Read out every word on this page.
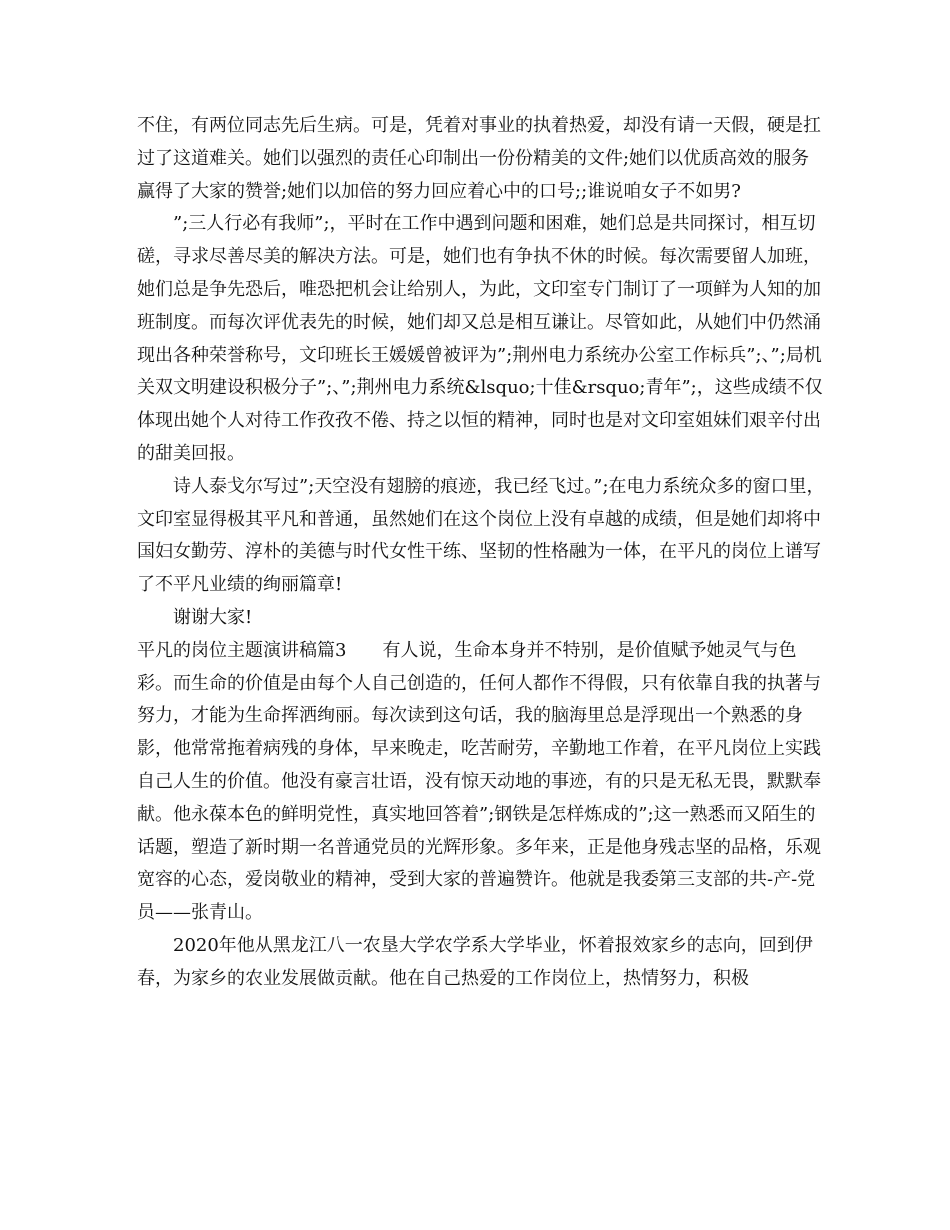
不住，有两位同志先后生病。可是，凭着对事业的执着热爱，却没有请一天假，硬是扛过了这道难关。她们以强烈的责任心印制出一份份精美的文件;她们以优质高效的服务赢得了大家的赞誉;她们以加倍的努力回应着心中的口号;;谁说咱女子不如男?

”;三人行必有我师”;，平时在工作中遇到问题和困难，她们总是共同探讨，相互切磋，寻求尽善尽美的解决方法。可是，她们也有争执不休的时候。每次需要留人加班，她们总是争先恐后，唯恐把机会让给别人，为此，文印室专门制订了一项鲜为人知的加班制度。而每次评优表先的时候，她们却又总是相互谦让。尽管如此，从她们中仍然涌现出各种荣誉称号，文印班长王媛媛曾被评为”;荆州电力系统办公室工作标兵”;、”;局机关双文明建设积极分子”;、”;荆州电力系统&lsquo;十佳&rsquo;青年”;，这些成绩不仅体现出她个人对待工作孜孜不倦、持之以恒的精神，同时也是对文印室姐妹们艰辛付出的甜美回报。

诗人泰戈尔写过”;天空没有翅膀的痕迹，我已经飞过。”;在电力系统众多的窗口里，文印室显得极其平凡和普通，虽然她们在这个岗位上没有卓越的成绩，但是她们却将中国妇女勤劳、淳朴的美德与时代女性干练、坚韧的性格融为一体，在平凡的岗位上谱写了不平凡业绩的绚丽篇章!

谢谢大家!

平凡的岗位主题演讲稿篇3　　有人说，生命本身并不特别，是价值赋予她灵气与色彩。而生命的价值是由每个人自己创造的，任何人都作不得假，只有依靠自我的执著与努力，才能为生命挥洒绚丽。每次读到这句话，我的脑海里总是浮现出一个熟悉的身影，他常常拖着病残的身体，早来晚走，吃苦耐劳，辛勤地工作着，在平凡岗位上实践自己人生的价值。他没有豪言壮语，没有惊天动地的事迹，有的只是无私无畏，默默奉献。他永葆本色的鲜明党性，真实地回答着”;钢铁是怎样炼成的”;这一熟悉而又陌生的话题，塑造了新时期一名普通党员的光辉形象。多年来，正是他身残志坚的品格，乐观宽容的心态，爱岗敬业的精神，受到大家的普遍赞许。他就是我委第三支部的共-产-党员——张青山。

2020年他从黑龙江八一农垦大学农学系大学毕业，怀着报效家乡的志向，回到伊春，为家乡的农业发展做贡献。他在自己热爱的工作岗位上，热情努力，积极
